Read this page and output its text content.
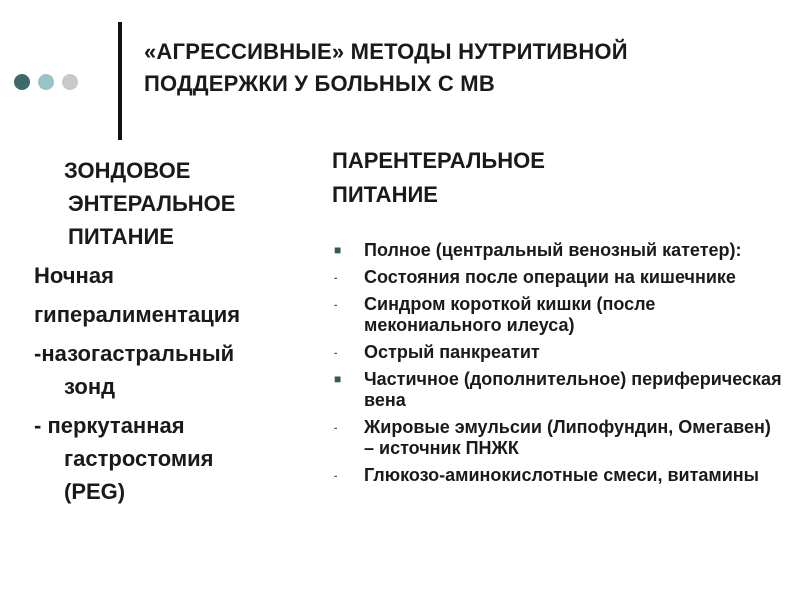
«АГРЕССИВНЫЕ» МЕТОДЫ НУТРИТИВНОЙ
ПОДДЕРЖКИ У БОЛЬНЫХ С МВ
ЗОНДОВОЕ
ЭНТЕРАЛЬНОЕ
ПИТАНИЕ
Ночная
гипералиментация
-назогастральный
зонд
- перкутанная
гастростомия
(PEG)
ПАРЕНТЕРАЛЬНОЕ
ПИТАНИЕ
■ Полное (центральный венозный катетер):
‐ Состояния после операции на кишечнике
‐ Синдром короткой кишки (после мекониального илеуса)
‐ Острый панкреатит
■ Частичное (дополнительное) периферическая вена
‐ Жировые эмульсии (Липофундин, Омегавен) – источник ПНЖК
‐ Глюкозо-аминокислотные смеси, витамины
